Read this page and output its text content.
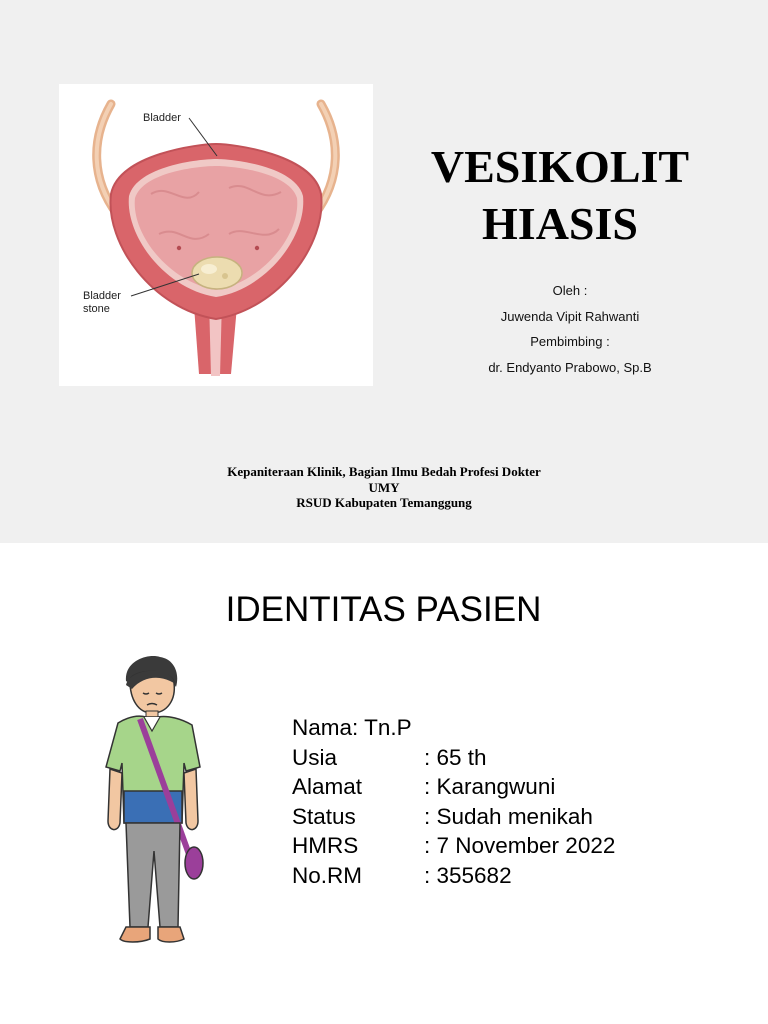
Bladder
Bladder
stone
VESIKOLIT
HIASIS
Oleh :
Juwenda Vipit Rahwanti
Pembimbing :
dr. Endyanto Prabowo, Sp.B
Kepaniteraan Klinik, Bagian Ilmu Bedah Profesi Dokter
UMY
RSUD Kabupaten Temanggung
IDENTITAS PASIEN
Nama: Tn.P
Usia	: 65 th
Alamat	: Karangwuni
Status	: Sudah menikah
HMRS	: 7 November 2022
No.RM	: 355682
